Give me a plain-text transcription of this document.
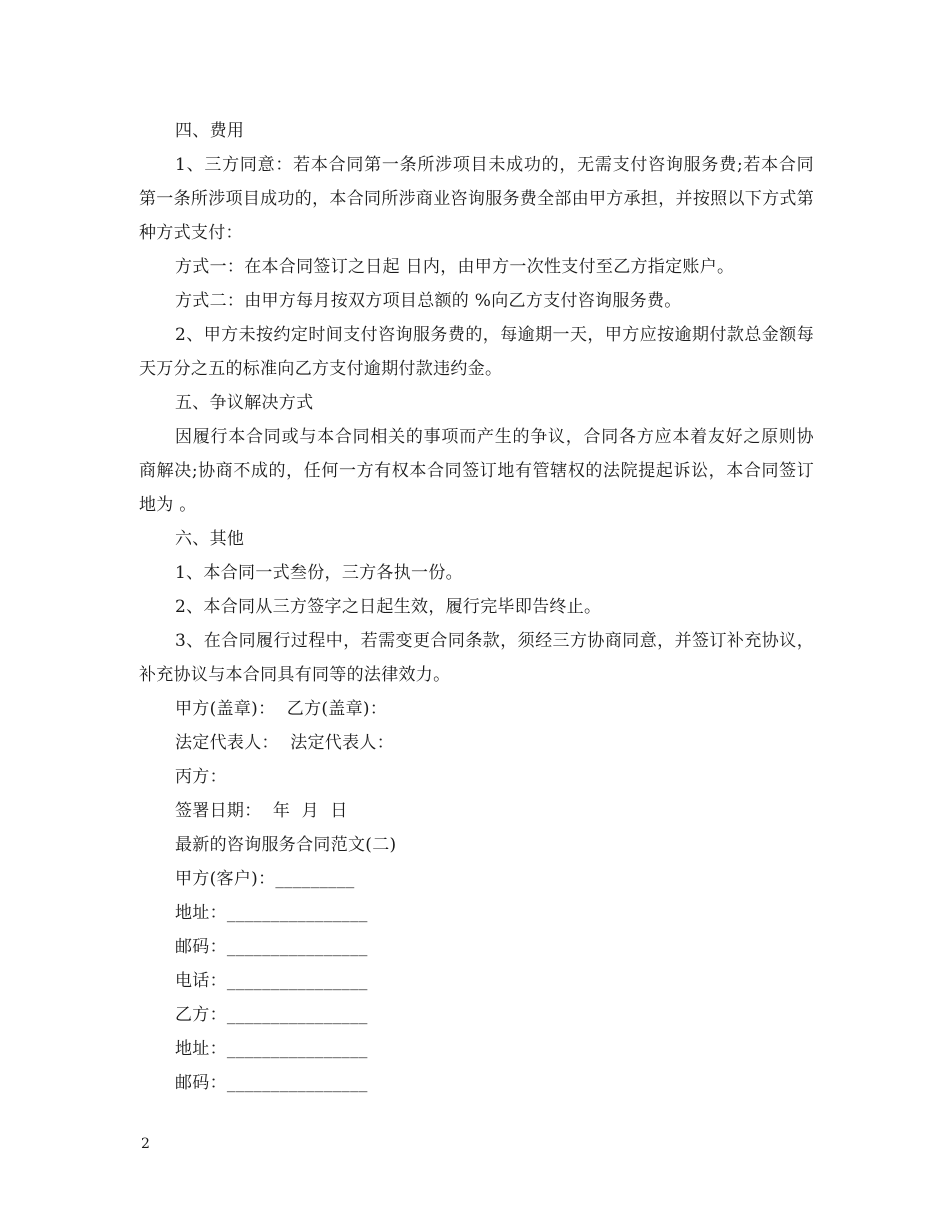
四、费用

1、三方同意：若本合同第一条所涉项目未成功的，无需支付咨询服务费;若本合同第一条所涉项目成功的，本合同所涉商业咨询服务费全部由甲方承担，并按照以下方式第 种方式支付：

方式一：在本合同签订之日起 日内，由甲方一次性支付至乙方指定账户。

方式二：由甲方每月按双方项目总额的 %向乙方支付咨询服务费。

2、甲方未按约定时间支付咨询服务费的，每逾期一天，甲方应按逾期付款总金额每天万分之五的标准向乙方支付逾期付款违约金。

五、争议解决方式

因履行本合同或与本合同相关的事项而产生的争议，合同各方应本着友好之原则协商解决;协商不成的，任何一方有权本合同签订地有管辖权的法院提起诉讼，本合同签订地为 。

六、其他

1、本合同一式叁份，三方各执一份。

2、本合同从三方签字之日起生效，履行完毕即告终止。

3、在合同履行过程中，若需变更合同条款，须经三方协商同意，并签订补充协议，补充协议与本合同具有同等的法律效力。

甲方(盖章)：  乙方(盖章)：

法定代表人：  法定代表人：

丙方：

签署日期：  年  月  日

最新的咨询服务合同范文(二)

甲方(客户)：_________

地址：________________

邮码：________________

电话：________________

乙方：________________

地址：________________

邮码：________________

2
